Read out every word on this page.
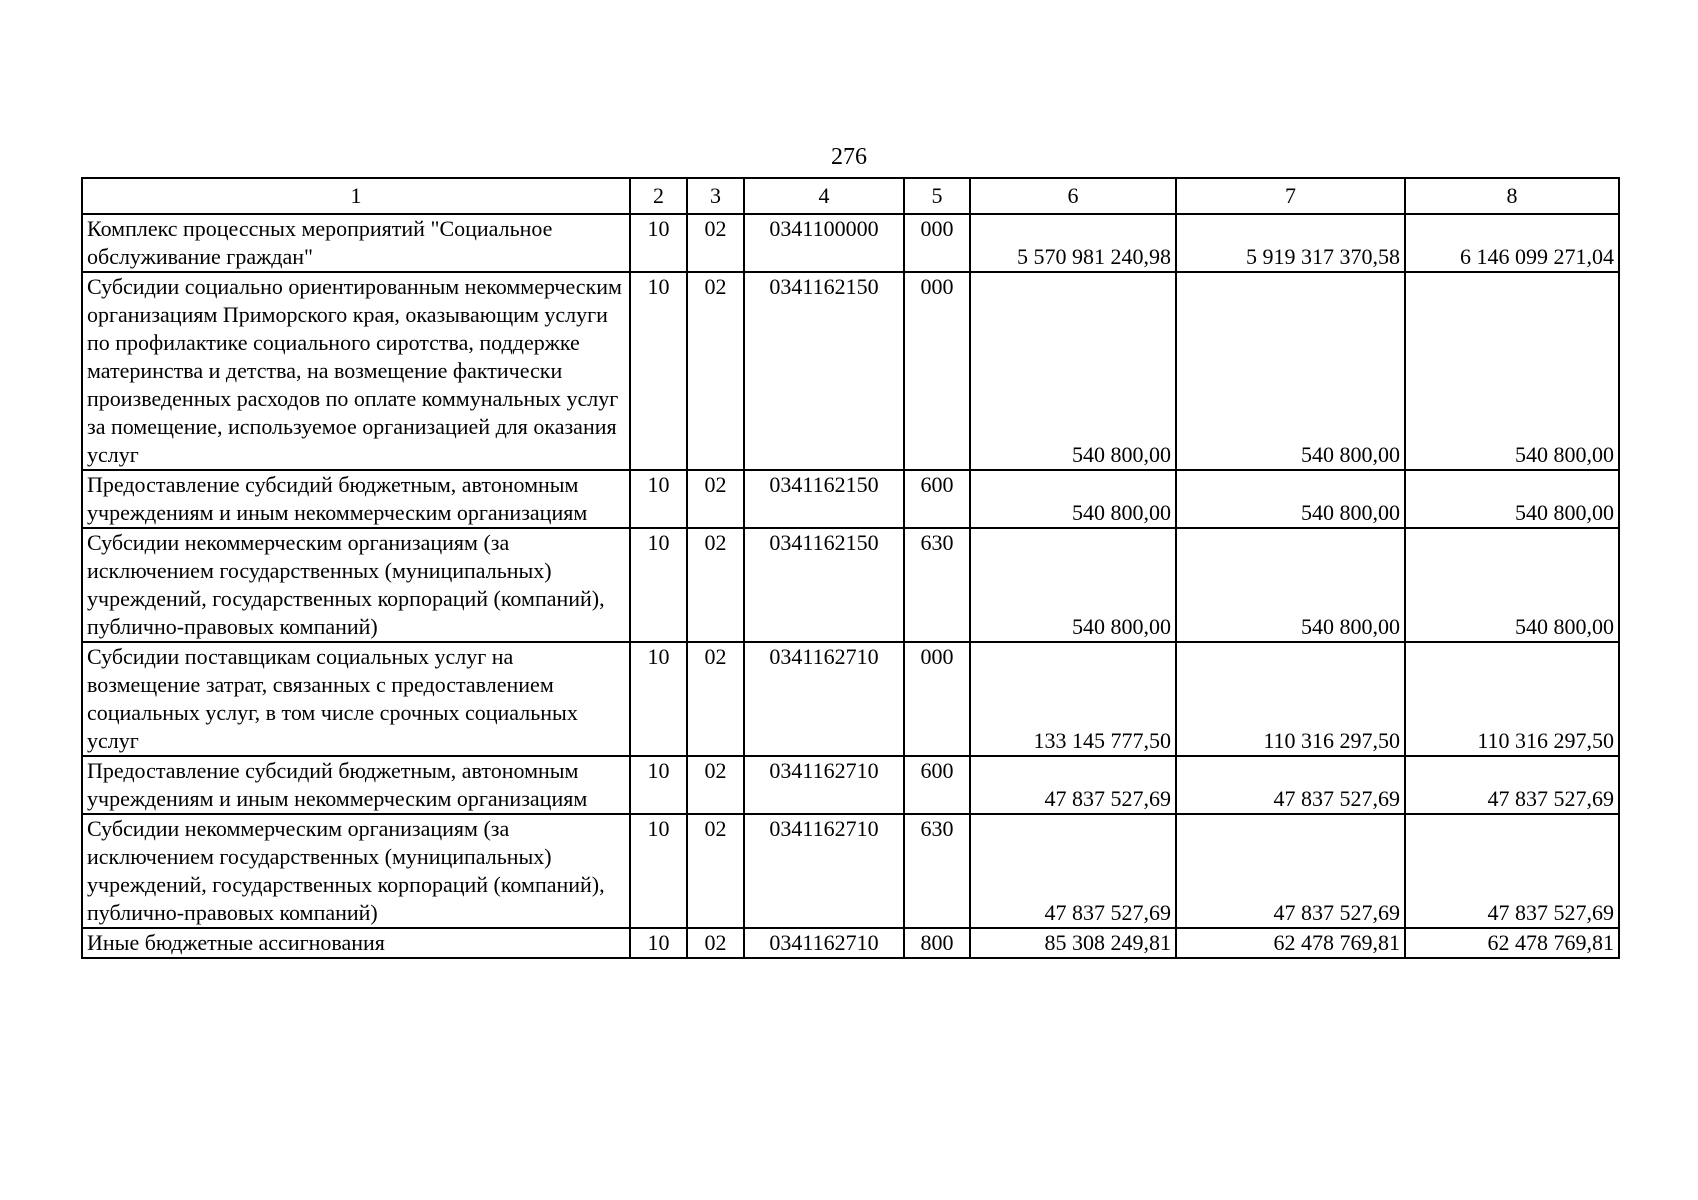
276
1	2	3	4	5	6	7	8
Комплекс процессных мероприятий "Социальное обслуживание граждан"	10	02	0341100000	000	5 570 981 240,98	5 919 317 370,58	6 146 099 271,04
Субсидии социально ориентированным некоммерческим организациям Приморского края, оказывающим услуги по профилактике социального сиротства, поддержке материнства и детства, на возмещение фактически произведенных расходов по оплате коммунальных услуг за помещение, используемое организацией для оказания услуг	10	02	0341162150	000	540 800,00	540 800,00	540 800,00
Предоставление субсидий бюджетным, автономным учреждениям и иным некоммерческим организациям	10	02	0341162150	600	540 800,00	540 800,00	540 800,00
Субсидии некоммерческим организациям (за исключением государственных (муниципальных) учреждений, государственных корпораций (компаний), публично-правовых компаний)	10	02	0341162150	630	540 800,00	540 800,00	540 800,00
Субсидии поставщикам социальных услуг на возмещение затрат, связанных с предоставлением социальных услуг, в том числе срочных социальных услуг	10	02	0341162710	000	133 145 777,50	110 316 297,50	110 316 297,50
Предоставление субсидий бюджетным, автономным учреждениям и иным некоммерческим организациям	10	02	0341162710	600	47 837 527,69	47 837 527,69	47 837 527,69
Субсидии некоммерческим организациям (за исключением государственных (муниципальных) учреждений, государственных корпораций (компаний), публично-правовых компаний)	10	02	0341162710	630	47 837 527,69	47 837 527,69	47 837 527,69
Иные бюджетные ассигнования	10	02	0341162710	800	85 308 249,81	62 478 769,81	62 478 769,81
